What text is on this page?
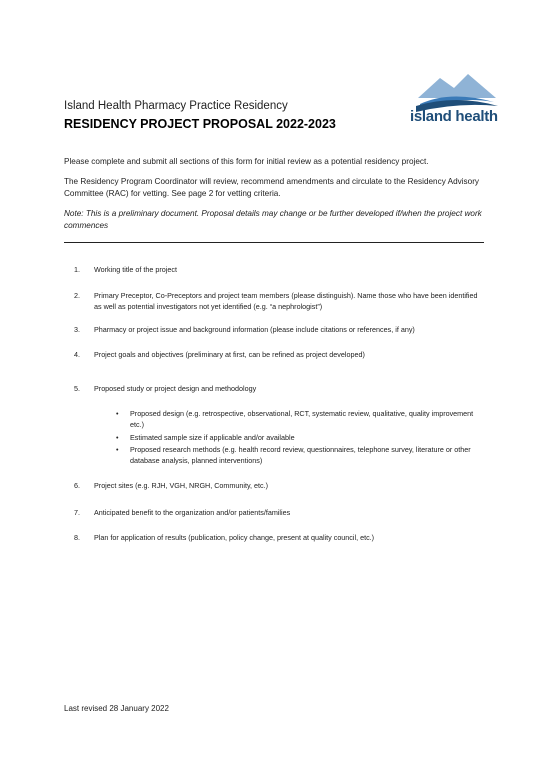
island health
Island Health Pharmacy Practice Residency
RESIDENCY PROJECT PROPOSAL 2022-2023
Please complete and submit all sections of this form for initial review as a potential residency project.
The Residency Program Coordinator will review, recommend amendments and circulate to the Residency Advisory Committee (RAC) for vetting. See page 2 for vetting criteria.
Note: This is a preliminary document. Proposal details may change or be further developed if/when the project work commences
1. Working title of the project
2. Primary Preceptor, Co-Preceptors and project team members (please distinguish). Name those who have been identified as well as potential investigators not yet identified (e.g. “a nephrologist”)
3. Pharmacy or project issue and background information (please include citations or references, if any)
4. Project goals and objectives (preliminary at first, can be refined as project developed)
5. Proposed study or project design and methodology
6. Project sites (e.g. RJH, VGH, NRGH, Community, etc.)
7. Anticipated benefit to the organization and/or patients/families
8. Plan for application of results (publication, policy change, present at quality council, etc.)
• Proposed design (e.g. retrospective, observational, RCT, systematic review, qualitative, quality improvement etc.)
• Estimated sample size if applicable and/or available
• Proposed research methods (e.g. health record review, questionnaires, telephone survey, literature or other database analysis, planned interventions)
Last revised 28 January 2022
